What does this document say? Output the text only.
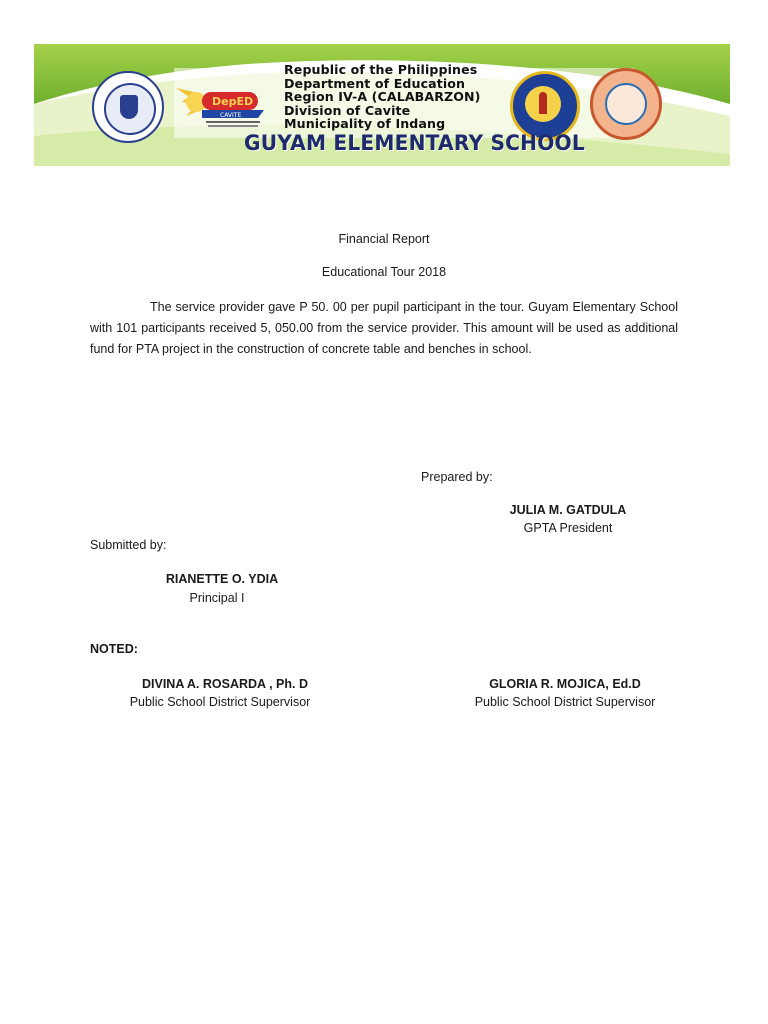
DepED
CAVITE
Republic of the Philippines
Department of Education
Region IV-A (CALABARZON)
Division of Cavite
Municipality of Indang
GUYAM ELEMENTARY SCHOOL
Financial Report
Educational Tour 2018
The service provider gave P 50. 00 per pupil participant in the tour. Guyam Elementary School with 101 participants received 5, 050.00 from the service provider. This amount will be used as additional fund for PTA project in the construction of concrete table and benches in school.
Prepared by:
JULIA M. GATDULA
GPTA President
Submitted by:
RIANETTE O. YDIA
Principal I
NOTED:
DIVINA A. ROSARDA , Ph. D
Public School District Supervisor
GLORIA R. MOJICA, Ed.D
Public School District Supervisor
